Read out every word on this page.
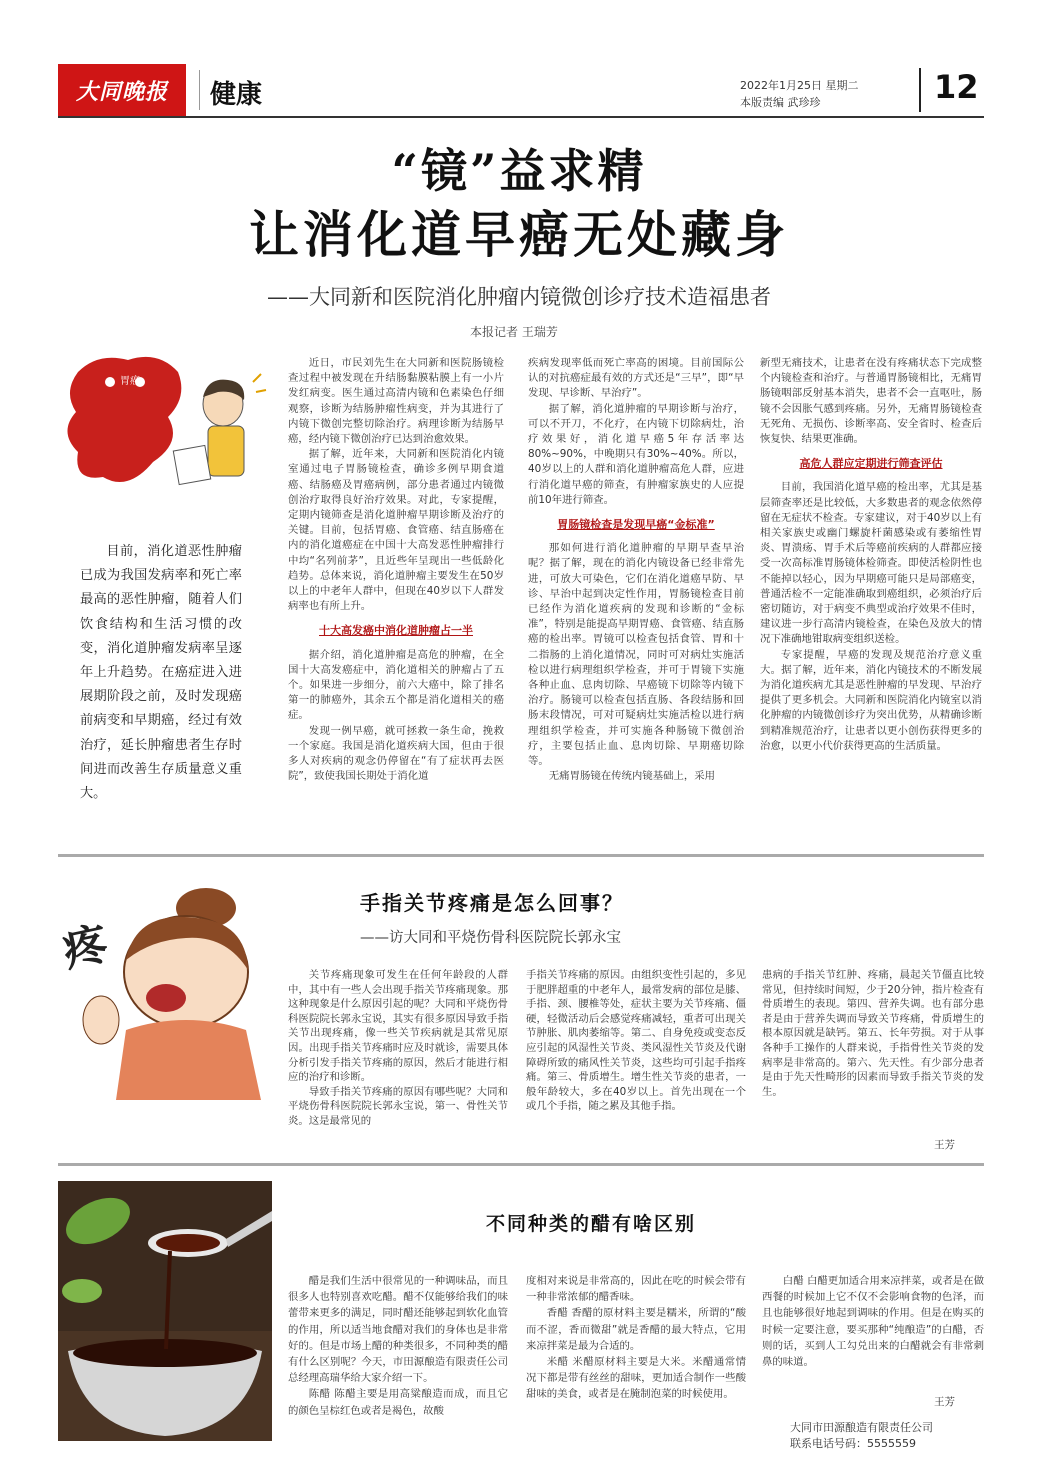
大同晚报	健康	2022年1月25日 星期二
本版责编 武珍珍	12
“镜”益求精
让消化道早癌无处藏身
——大同新和医院消化肿瘤内镜微创诊疗技术造福患者
本报记者 王瑞芳
胃癌
目前，消化道恶性肿瘤已成为我国发病率和死亡率最高的恶性肿瘤，随着人们饮食结构和生活习惯的改变，消化道肿瘤发病率呈逐年上升趋势。在癌症进入进展期阶段之前，及时发现癌前病变和早期癌，经过有效治疗，延长肿瘤患者生存时间进而改善生存质量意义重大。

近日，市民刘先生在大同新和医院肠镜检查过程中被发现在升结肠黏膜粘膜上有一小片发红病变。医生通过高清内镜和色素染色仔细观察，诊断为结肠肿瘤性病变，并为其进行了内镜下微创完整切除治疗。病理诊断为结肠早癌，经内镜下微创治疗已达到治愈效果。

据了解，近年来，大同新和医院消化内镜室通过电子胃肠镜检查，确诊多例早期食道癌、结肠癌及胃癌病例，部分患者通过内镜微创治疗取得良好治疗效果。对此，专家提醒，定期内镜筛查是消化道肿瘤早期诊断及治疗的关键。目前，包括胃癌、食管癌、结直肠癌在内的消化道癌症在中国十大高发恶性肿瘤排行中均“名列前茅”，且近些年呈现出一些低龄化趋势。总体来说，消化道肿瘤主要发生在50岁以上的中老年人群中，但现在40岁以下人群发病率也有所上升。

十大高发癌中消化道肿瘤占一半

据介绍，消化道肿瘤是高危的肿瘤，在全国十大高发癌症中，消化道相关的肿瘤占了五个。如果进一步细分，前六大癌中，除了排名第一的肺癌外，其余五个都是消化道相关的癌症。

发现一例早癌，就可拯救一条生命，挽救一个家庭。我国是消化道疾病大国，但由于很多人对疾病的观念仍停留在“有了症状再去医院”，致使我国长期处于消化道

疾病发现率低而死亡率高的困境。目前国际公认的对抗癌症最有效的方式还是“三早”，即“早发现、早诊断、早治疗”。

据了解，消化道肿瘤的早期诊断与治疗，可以不开刀，不化疗，在内镜下切除病灶，治疗效果好，消化道早癌5年存活率达80%~90%，中晚期只有30%~40%。所以，40岁以上的人群和消化道肿瘤高危人群，应进行消化道早癌的筛查，有肿瘤家族史的人应提前10年进行筛查。

胃肠镜检查是发现早癌“金标准”

那如何进行消化道肿瘤的早期早查早治呢？据了解，现在的消化内镜设备已经非常先进，可放大可染色，它们在消化道癌早防、早诊、早治中起到决定性作用，胃肠镜检查目前已经作为消化道疾病的发现和诊断的“金标准”，特别是能提高早期胃癌、食管癌、结直肠癌的检出率。胃镜可以检查包括食管、胃和十二指肠的上消化道情况，同时可对病灶实施活检以进行病理组织学检查，并可于胃镜下实施各种止血、息肉切除、早癌镜下切除等内镜下治疗。肠镜可以检查包括直肠、各段结肠和回肠末段情况，可对可疑病灶实施活检以进行病理组织学检查，并可实施各种肠镜下微创治疗，主要包括止血、息肉切除、早期癌切除等。

无痛胃肠镜在传统内镜基础上，采用

新型无痛技术，让患者在没有疼痛状态下完成整个内镜检查和治疗。与普通胃肠镜相比，无痛胃肠镜咽部反射基本消失，患者不会一直呕吐，肠镜不会因胀气感到疼痛。另外，无痛胃肠镜检查无死角、无损伤、诊断率高、安全省时、检查后恢复快、结果更准确。

高危人群应定期进行筛查评估

目前，我国消化道早癌的检出率，尤其是基层筛查率还是比较低，大多数患者的观念依然停留在无症状不检查。专家建议，对于40岁以上有相关家族史或幽门螺旋杆菌感染或有萎缩性胃炎、胃溃疡、胃手术后等癌前疾病的人群都应接受一次高标准胃肠镜体检筛查。即使活检阴性也不能掉以轻心，因为早期癌可能只是局部癌变，普通活检不一定能准确取到癌组织，必须治疗后密切随访，对于病变不典型或治疗效果不佳时，建议进一步行高清内镜检查，在染色及放大的情况下准确地钳取病变组织送检。

专家提醒，早癌的发现及规范治疗意义重大。据了解，近年来，消化内镜技术的不断发展为消化道疾病尤其是恶性肿瘤的早发现、早治疗提供了更多机会。大同新和医院消化内镜室以消化肿瘤的内镜微创诊疗为突出优势，从精确诊断到精准规范治疗，让患者以更小创伤获得更多的治愈，以更小代价获得更高的生活质量。

疼
手指关节疼痛是怎么回事？
——访大同和平烧伤骨科医院院长郭永宝

关节疼痛现象可发生在任何年龄段的人群中，其中有一些人会出现手指关节疼痛现象。那这种现象是什么原因引起的呢？大同和平烧伤骨科医院院长郭永宝说，其实有很多原因导致手指关节出现疼痛，像一些关节疾病就是其常见原因。出现手指关节疼痛时应及时就诊，需要具体分析引发手指关节疼痛的原因，然后才能进行相应的治疗和诊断。

导致手指关节疼痛的原因有哪些呢？大同和平烧伤骨科医院院长郭永宝说，第一、骨性关节炎。这是最常见的

手指关节疼痛的原因。由组织变性引起的，多见于肥胖超重的中老年人，最常发病的部位是膝、手指、颈、腰椎等处，症状主要为关节疼痛、僵硬，轻微活动后会感觉疼痛减轻，重者可出现关节肿胀、肌肉萎缩等。第二、自身免疫或变态反应引起的风湿性关节炎、类风湿性关节炎及代谢障碍所致的痛风性关节炎，这些均可引起手指疼痛。第三、骨质增生。增生性关节炎的患者，一般年龄较大，多在40岁以上。首先出现在一个或几个手指，随之累及其他手指。

患病的手指关节红肿、疼痛，晨起关节僵直比较常见，但持续时间短，少于20分钟，指片检查有骨质增生的表现。第四、营养失调。也有部分患者是由于营养失调而导致关节疼痛，骨质增生的根本原因就是缺钙。第五、长年劳损。对于从事各种手工操作的人群来说，手指骨性关节炎的发病率是非常高的。第六、先天性。有少部分患者是由于先天性畸形的因素而导致手指关节炎的发生。

王芳
不同种类的醋有啥区别

醋是我们生活中很常见的一种调味品，而且很多人也特别喜欢吃醋。醋不仅能够给我们的味蕾带来更多的满足，同时醋还能够起到软化血管的作用，所以适当地食醋对我们的身体也是非常好的。但是市场上醋的种类很多，不同种类的醋有什么区别呢？今天，市田源酿造有限责任公司总经理高瑞华给大家介绍一下。

陈醋 陈醋主要是用高粱酿造而成，而且它的颜色呈棕红色或者是褐色，故酸

度相对来说是非常高的，因此在吃的时候会带有一种非常浓郁的醋香味。

香醋 香醋的原材料主要是糯米，所谓的“酸而不涩，香而微甜”就是香醋的最大特点，它用来凉拌菜是最为合适的。

米醋 米醋原材料主要是大米。米醋通常情况下都是带有丝丝的甜味，更加适合制作一些酸甜味的美食，或者是在腌制泡菜的时候使用。

白醋 白醋更加适合用来凉拌菜，或者是在做西餐的时候加上它不仅不会影响食物的色泽，而且也能够很好地起到调味的作用。但是在购买的时候一定要注意，要买那种“纯酿造”的白醋，否则的话，买到人工勾兑出来的白醋就会有非常刺鼻的味道。

王芳
大同市田源酿造有限责任公司
联系电话号码：5555559
